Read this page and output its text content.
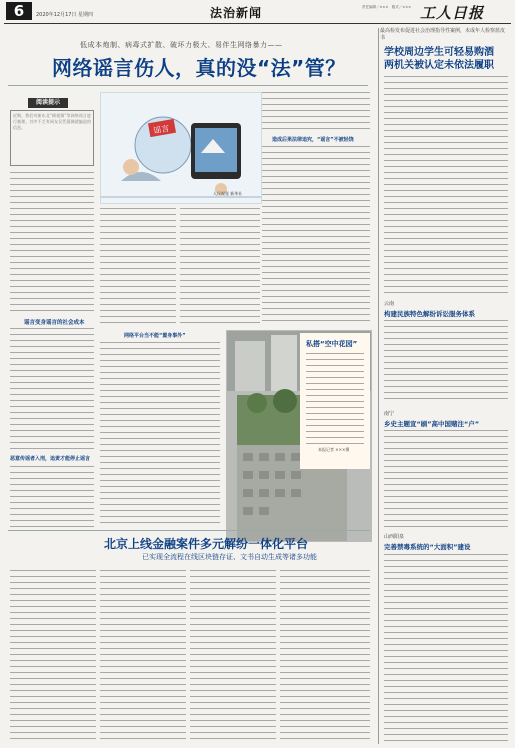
6	2020年12月17日 星期四	法治新闻	责任编辑／×××　版式／××× 工人日报
低成本炮制、病毒式扩散、破坏力极大、易伴生网络暴力——
网络谣言伤人，真的没“法”管？
阅读提示
近期，我们对新东北“刷视频”等网络谣言进行梳理，其中不乏有网友仅凭猜测就编造的信息。
谣言变身谣言的社会成本
恶意传谣者入刑，追责才能停止谣言
谣言
人民视觉 新华社
网络平台当不能“置身事外”
造成后果法律追究，“谣言”不被轻饶
私搭“空中花园”
本报记者 ×××摄
北京上线金融案件多元解纷一体化平台
已实现全流程在线区块链存证、文书自动生成等诸多功能
最高检发布促进社会治理指导性案例，未成年人检察蓝皮书
学校周边学生可轻易购酒
两机关被认定未依法履职
云南
构建民族特色解纷诉讼服务体系
南宁
乡史主题宣“刷”高中国赌注“户”
山西阳泉
完善禁毒系统的“大面积”建设
